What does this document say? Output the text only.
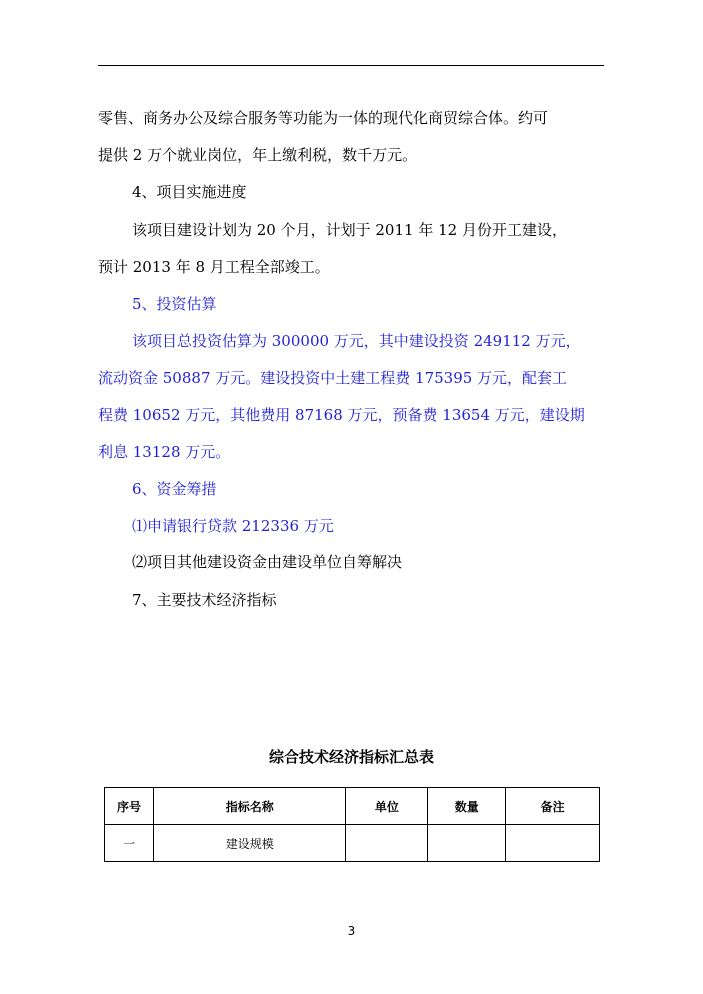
零售、商务办公及综合服务等功能为一体的现代化商贸综合体。约可
提供 2 万个就业岗位，年上缴利税，数千万元。
4、项目实施进度
该项目建设计划为 20 个月，计划于 2011 年 12 月份开工建设，
预计 2013 年 8 月工程全部竣工。
5、投资估算
该项目总投资估算为 300000 万元，其中建设投资 249112 万元，
流动资金 50887 万元。建设投资中土建工程费 175395 万元，配套工
程费 10652 万元，其他费用 87168 万元，预备费 13654 万元，建设期
利息 13128 万元。
6、资金筹措
⑴申请银行贷款 212336 万元
⑵项目其他建设资金由建设单位自筹解决
7、主要技术经济指标
综合技术经济指标汇总表
序号	指标名称	单位	数量	备注
一	建设规模			
3
